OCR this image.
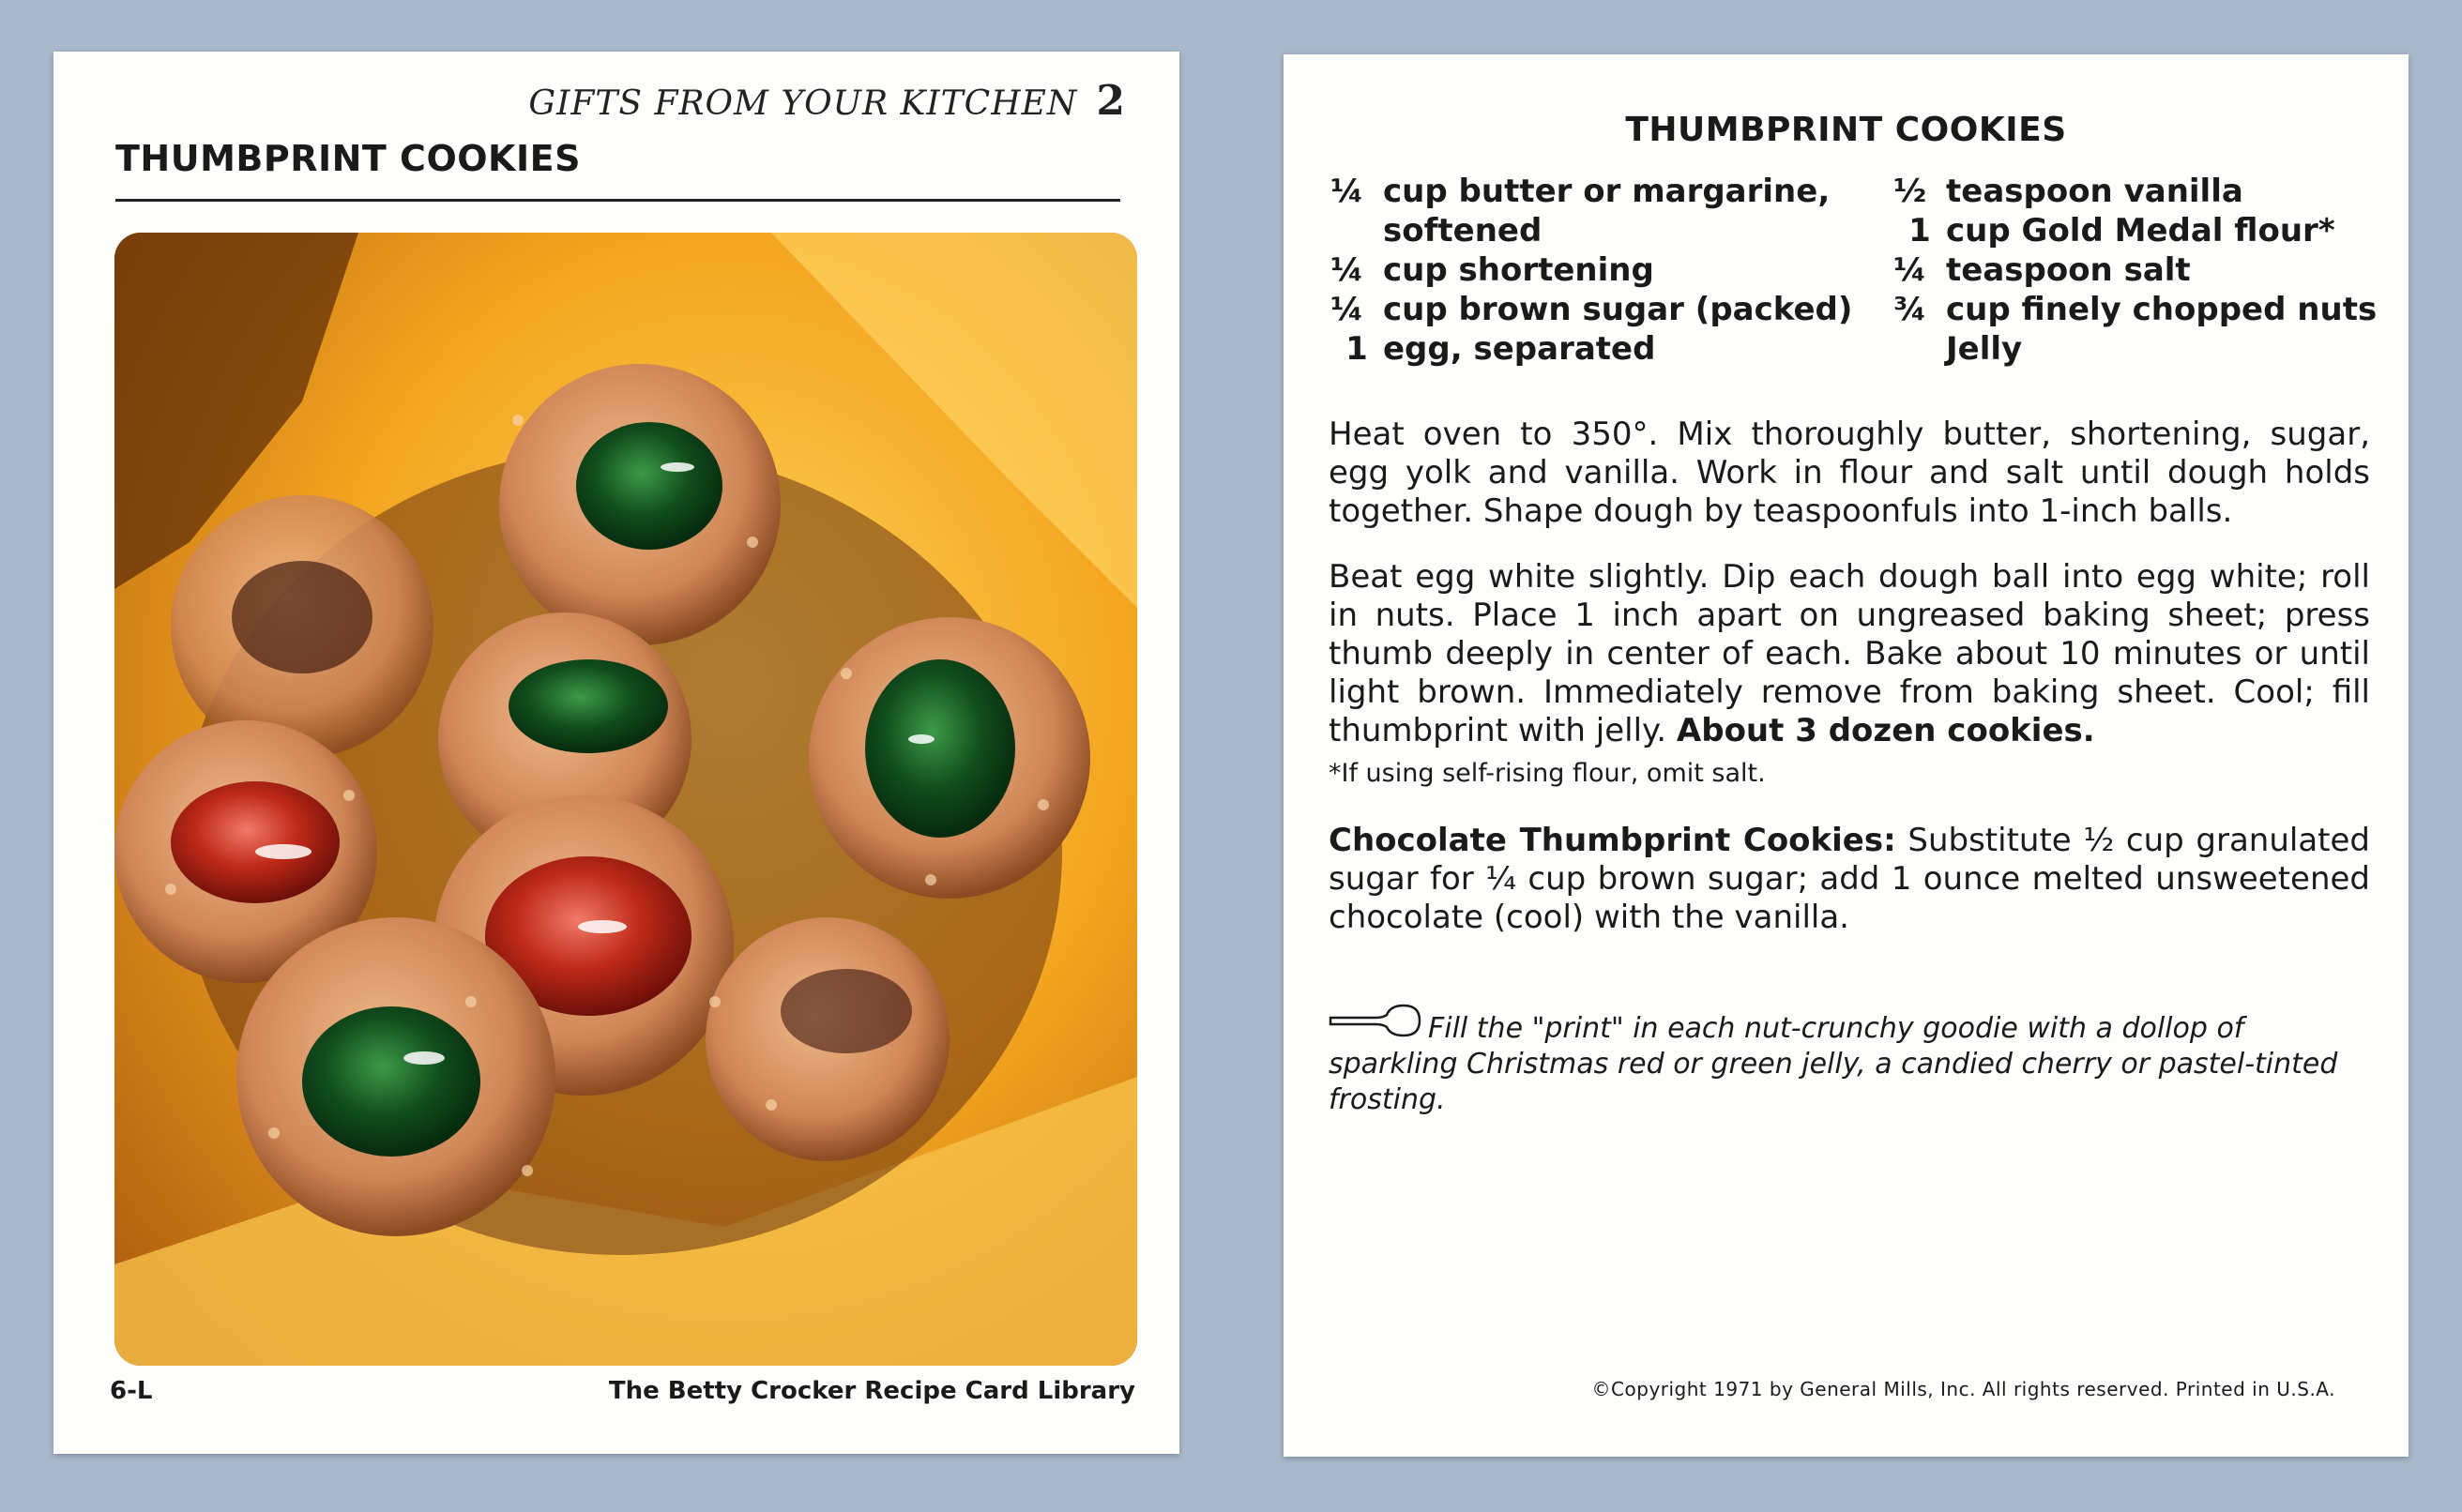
GIFTS FROM YOUR KITCHEN 2
THUMBPRINT COOKIES
6-L	The Betty Crocker Recipe Card Library
THUMBPRINT COOKIES
¼ cup butter or margarine, softened
¼ cup shortening
¼ cup brown sugar (packed)
1 egg, separated
½ teaspoon vanilla
1 cup Gold Medal flour*
¼ teaspoon salt
¾ cup finely chopped nuts
Jelly
Heat oven to 350°. Mix thoroughly butter, shortening, sugar, egg yolk and vanilla. Work in flour and salt until dough holds together. Shape dough by teaspoonfuls into 1-inch balls.
Beat egg white slightly. Dip each dough ball into egg white; roll in nuts. Place 1 inch apart on ungreased baking sheet; press thumb deeply in center of each. Bake about 10 minutes or until light brown. Immediately remove from baking sheet. Cool; fill thumbprint with jelly. About 3 dozen cookies.
*If using self-rising flour, omit salt.
Chocolate Thumbprint Cookies: Substitute ½ cup granulated sugar for ¼ cup brown sugar; add 1 ounce melted unsweetened chocolate (cool) with the vanilla.
Fill the "print" in each nut-crunchy goodie with a dollop of sparkling Christmas red or green jelly, a candied cherry or pastel-tinted frosting.
©Copyright 1971 by General Mills, Inc. All rights reserved. Printed in U.S.A.
